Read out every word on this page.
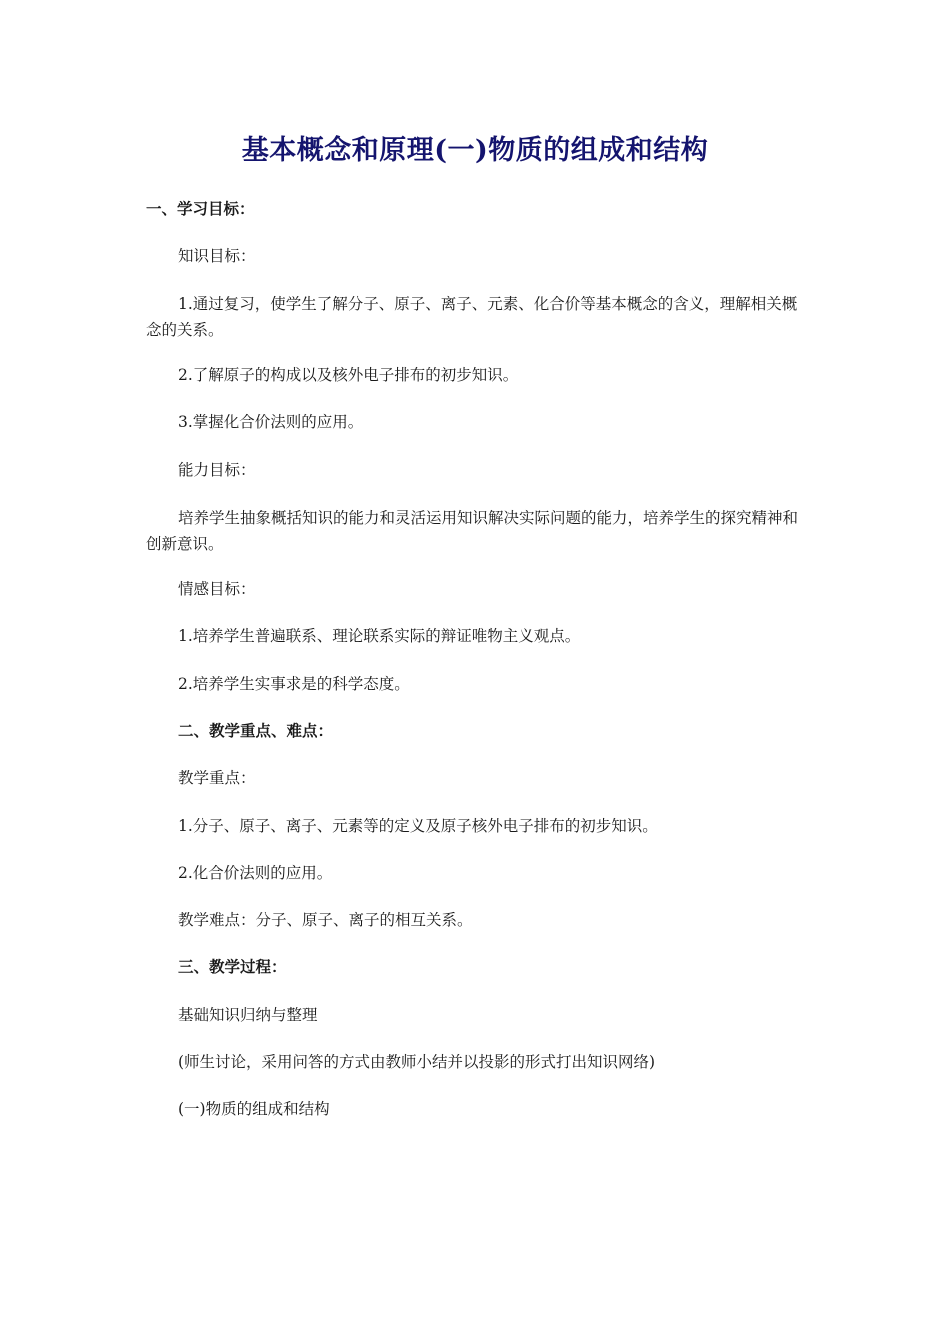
基本概念和原理(一)物质的组成和结构

一、学习目标：

知识目标：

1.通过复习，使学生了解分子、原子、离子、元素、化合价等基本概念的含义，理解相关概念的关系。

2.了解原子的构成以及核外电子排布的初步知识。

3.掌握化合价法则的应用。

能力目标：

培养学生抽象概括知识的能力和灵活运用知识解决实际问题的能力，培养学生的探究精神和创新意识。

情感目标：

1.培养学生普遍联系、理论联系实际的辩证唯物主义观点。

2.培养学生实事求是的科学态度。

二、教学重点、难点：

教学重点：

1.分子、原子、离子、元素等的定义及原子核外电子排布的初步知识。

2.化合价法则的应用。

教学难点：分子、原子、离子的相互关系。

三、教学过程：

基础知识归纳与整理

(师生讨论，采用问答的方式由教师小结并以投影的形式打出知识网络)

(一)物质的组成和结构
